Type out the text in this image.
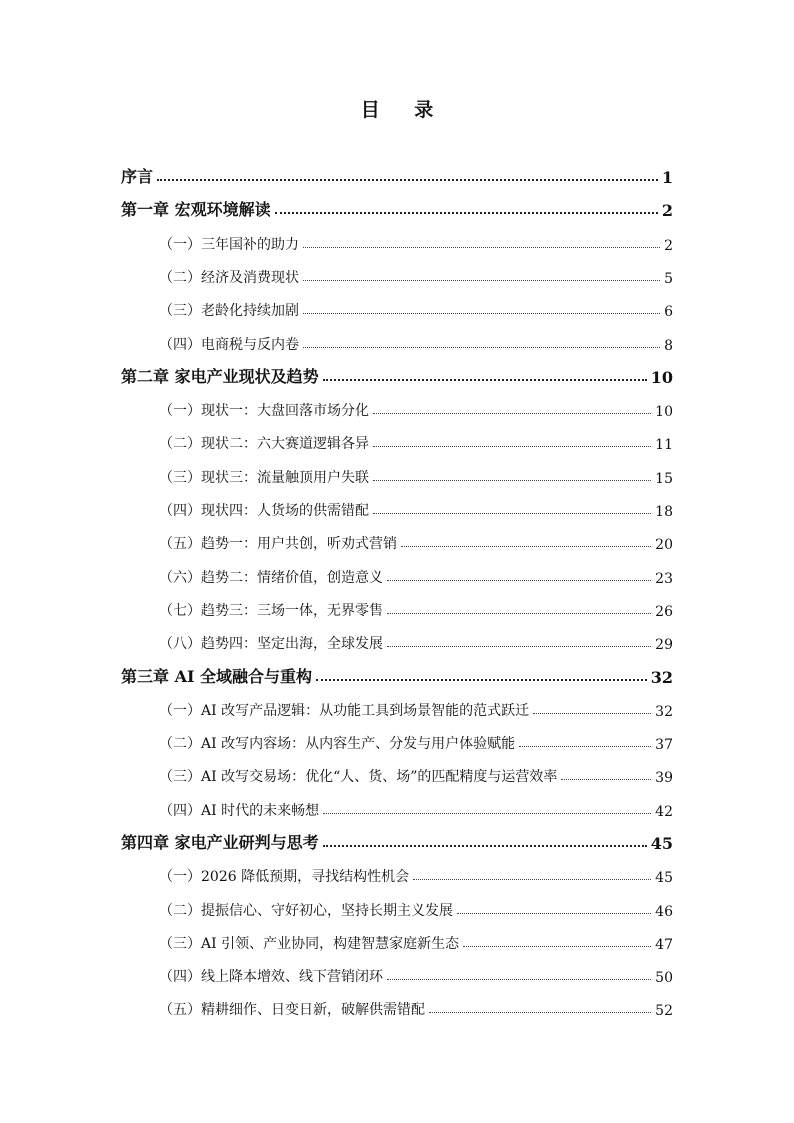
目 录
序言	1
第一章 宏观环境解读	2
（一）三年国补的助力	2
（二）经济及消费现状	5
（三）老龄化持续加剧	6
（四）电商税与反内卷	8
第二章 家电产业现状及趋势	10
（一）现状一：大盘回落市场分化	10
（二）现状二：六大赛道逻辑各异	11
（三）现状三：流量触顶用户失联	15
（四）现状四：人货场的供需错配	18
（五）趋势一：用户共创，听劝式营销	20
（六）趋势二：情绪价值，创造意义	23
（七）趋势三：三场一体，无界零售	26
（八）趋势四：坚定出海，全球发展	29
第三章 AI 全域融合与重构	32
（一）AI 改写产品逻辑：从功能工具到场景智能的范式跃迁	32
（二）AI 改写内容场：从内容生产、分发与用户体验赋能	37
（三）AI 改写交易场：优化“人、货、场”的匹配精度与运营效率	39
（四）AI 时代的未来畅想	42
第四章 家电产业研判与思考	45
（一）2026 降低预期，寻找结构性机会	45
（二）提振信心、守好初心，坚持长期主义发展	46
（三）AI 引领、产业协同，构建智慧家庭新生态	47
（四）线上降本增效、线下营销闭环	50
（五）精耕细作、日变日新，破解供需错配	52
